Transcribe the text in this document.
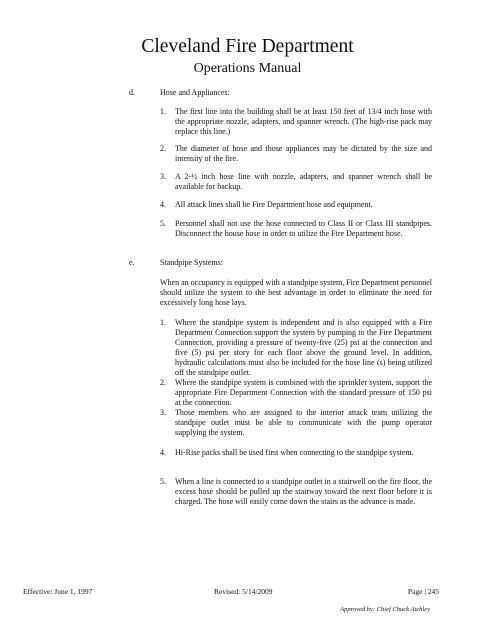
Cleveland Fire Department
Operations Manual
d.	Hose and Appliances:
1. The first line into the building shall be at least 150 feet of 13/4 inch hose with the appropriate nozzle, adapters, and spanner wrench. (The high-rise pack may replace this line.)
2. The diameter of hose and those appliances may be dictated by the size and intensity of the fire.
3. A 2-½ inch hose line with nozzle, adapters, and spanner wrench shall be available for backup.
4. All attack lines shall be Fire Department hose and equipment.
5. Personnel shall not use the hose connected to Class II or Class III standpipes. Disconnect the house hose in order to utilize the Fire Department hose.
e.	Standpipe Systems:
When an occupancy is equipped with a standpipe system, Fire Department personnel should utilize the system to the best advantage in order to eliminate the need for excessively long hose lays.
1. Where the standpipe system is independent and is also equipped with a Fire Department Connection support the system by pumping to the Fire Department Connection, providing a pressure of twenty-five (25) psi at the connection and five (5) psi per story for each floor above the ground level. In addition, hydraulic calculations must also be included for the hose line (s) being utilized off the standpipe outlet.
2. Where the standpipe system is combined with the sprinkler system, support the appropriate Fire Department Connection with the standard pressure of 150 psi at the connection.
3. Those members who are assigned to the interior attack team utilizing the standpipe outlet must be able to communicate with the pump operator supplying the system.
4. Hi-Rise packs shall be used first when connecting to the standpipe system.
5. When a line is connected to a standpipe outlet in a stairwell on the fire floor, the excess hose should be pulled up the stairway toward the next floor before it is charged. The hose will easily come down the stairs as the advance is made.
Effective: June 1, 1997	Revised: 5/14/2009	Page | 245
Approved by: Chief Chuck Atchley
